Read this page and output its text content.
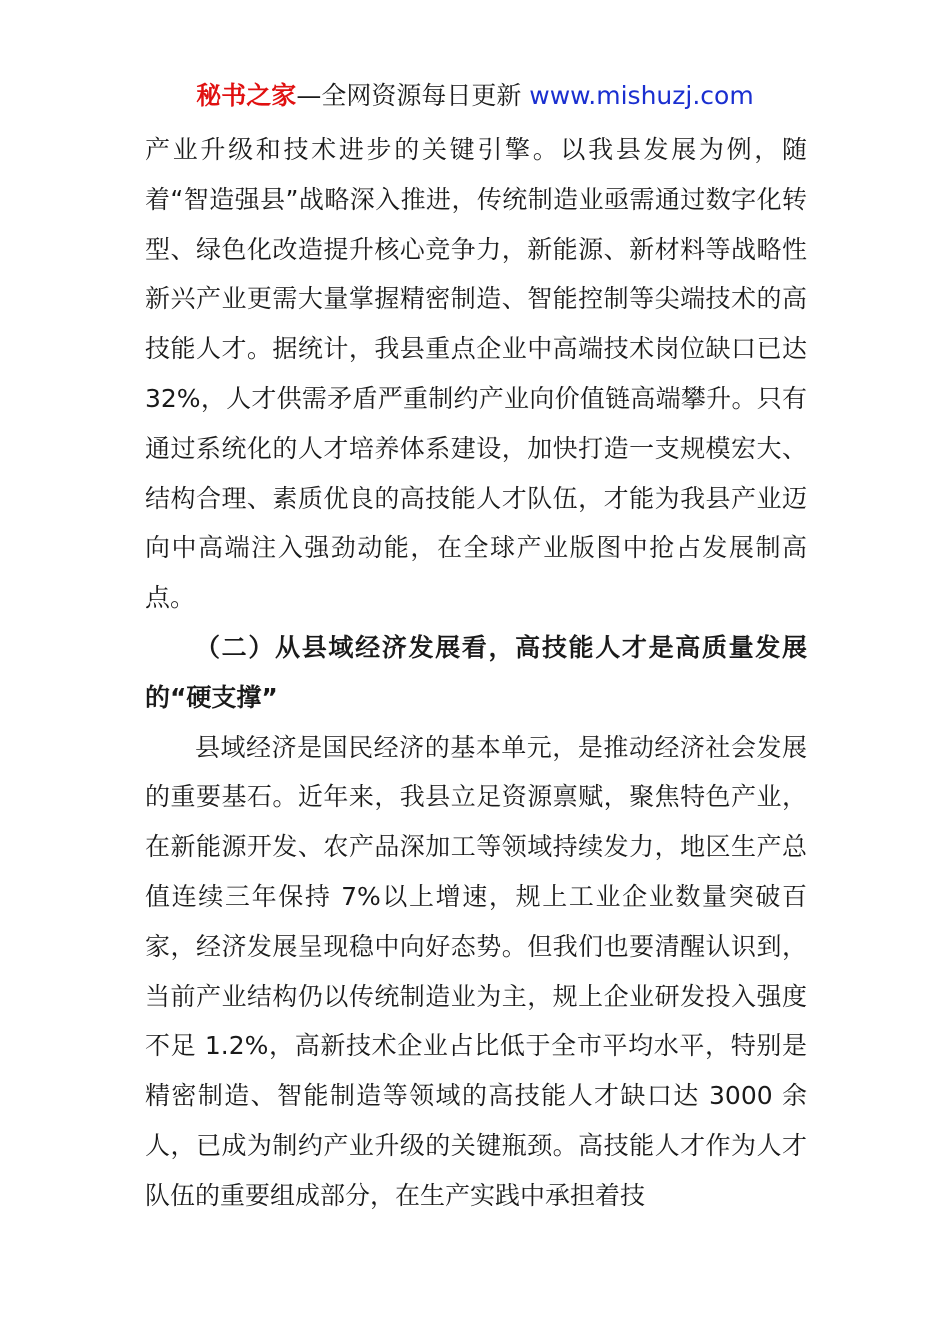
秘书之家—全网资源每日更新 www.mishuzj.com

产业升级和技术进步的关键引擎。以我县发展为例，随着“智造强县”战略深入推进，传统制造业亟需通过数字化转型、绿色化改造提升核心竞争力，新能源、新材料等战略性新兴产业更需大量掌握精密制造、智能控制等尖端技术的高技能人才。据统计，我县重点企业中高端技术岗位缺口已达 32%，人才供需矛盾严重制约产业向价值链高端攀升。只有通过系统化的人才培养体系建设，加快打造一支规模宏大、结构合理、素质优良的高技能人才队伍，才能为我县产业迈向中高端注入强劲动能，在全球产业版图中抢占发展制高点。

（二）从县域经济发展看，高技能人才是高质量发展的“硬支撑”

县域经济是国民经济的基本单元，是推动经济社会发展的重要基石。近年来，我县立足资源禀赋，聚焦特色产业，在新能源开发、农产品深加工等领域持续发力，地区生产总值连续三年保持 7%以上增速，规上工业企业数量突破百家，经济发展呈现稳中向好态势。但我们也要清醒认识到，当前产业结构仍以传统制造业为主，规上企业研发投入强度不足 1.2%，高新技术企业占比低于全市平均水平，特别是精密制造、智能制造等领域的高技能人才缺口达 3000 余人，已成为制约产业升级的关键瓶颈。高技能人才作为人才队伍的重要组成部分，在生产实践中承担着技
